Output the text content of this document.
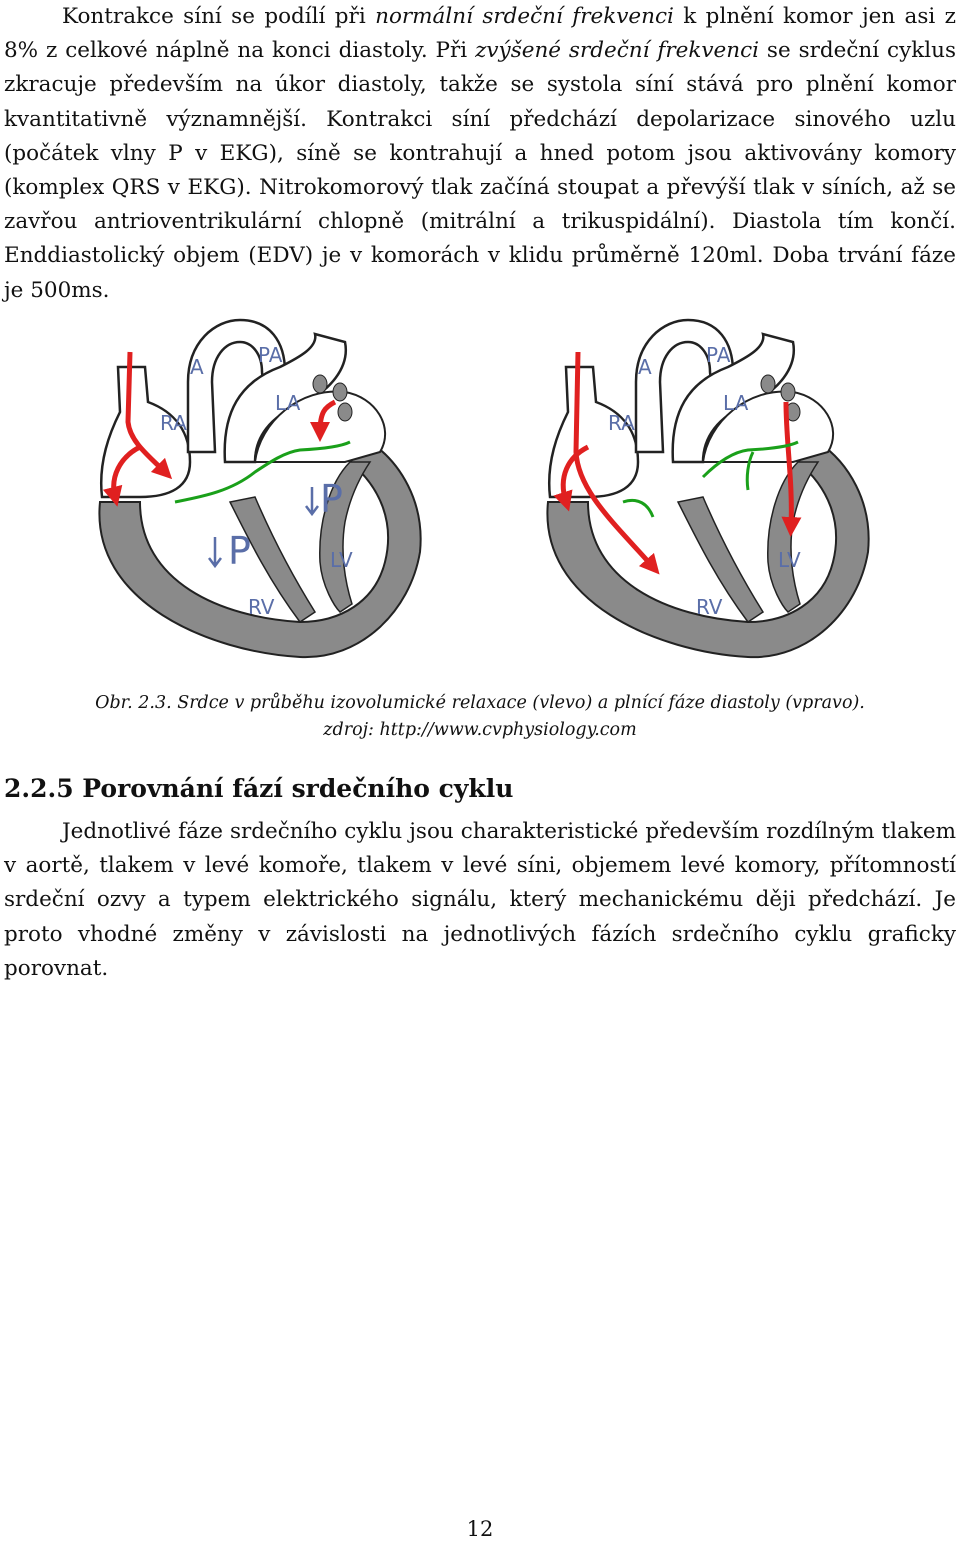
Kontrakce síní se podílí při normální srdeční frekvenci k plnění komor jen asi z 8% z celkové náplně na konci diastoly. Při zvýšené srdeční frekvenci se srdeční cyklus zkracuje především na úkor diastoly, takže se systola síní stává pro plnění komor kvantitativně významnější. Kontrakci síní předchází depolarizace sinového uzlu (počátek vlny P v EKG), síně se kontrahují a hned potom jsou aktivovány komory (komplex QRS v EKG). Nitrokomorový tlak začíná stoupat a převýší tlak v síních, až se zavřou antrioventrikulární chlopně (mitrální a trikuspidální). Diastola tím končí. Enddiastolický objem (EDV) je v komorách v klidu průměrně 120ml. Doba trvání fáze je 500ms.

A	PA
RA
LA
P
P	LV
RV
A	PA
RA
LA
LV
RV
Obr. 2.3. Srdce v průběhu izovolumické relaxace (vlevo) a plnící fáze diastoly (vpravo).
zdroj: http://www.cvphysiology.com
2.2.5 Porovnání fází srdečního cyklu

Jednotlivé fáze srdečního cyklu jsou charakteristické především rozdílným tlakem v aortě, tlakem v levé komoře, tlakem v levé síni, objemem levé komory, přítomností srdeční ozvy a typem elektrického signálu, který mechanickému ději předchází. Je proto vhodné změny v závislosti na jednotlivých fázích srdečního cyklu graficky porovnat.

12
